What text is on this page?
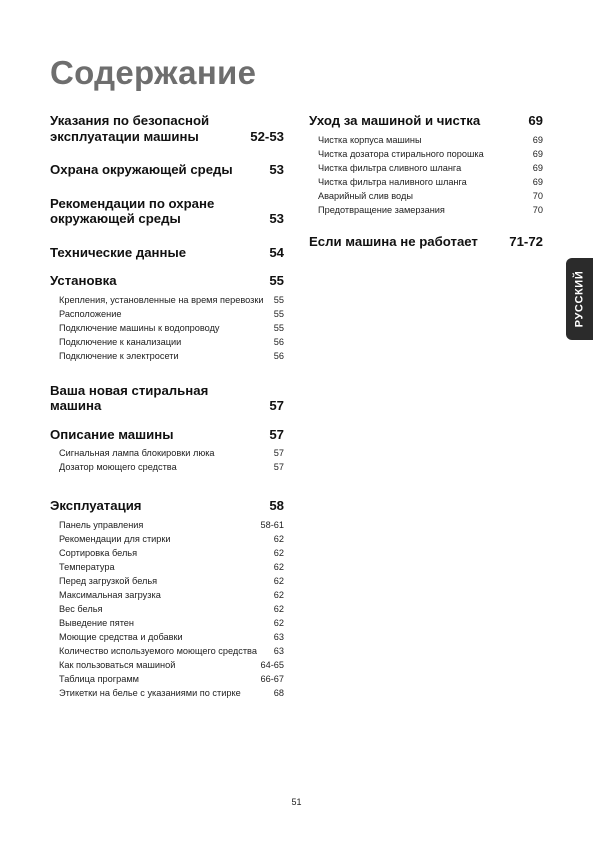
Содержание
Указания по безопасной эксплуатации машины	52-53
Охрана окружающей среды	53
Рекомендации по охране окружающей среды	53
Технические данные	54
Установка	55
Крепления, установленные на время перевозки	55
Расположение	55
Подключение машины к водопроводу	55
Подключение к канализации	56
Подключение к электросети	56
Ваша новая стиральная машина	57
Описание машины	57
Сигнальная лампа блокировки люка	57
Дозатор моющего средства	57
Эксплуатация	58
Панель управления	58-61
Рекомендации для стирки	62
Сортировка белья	62
Температура	62
Перед загрузкой белья	62
Максимальная загрузка	62
Вес белья	62
Выведение пятен	62
Моющие средства и добавки	63
Количество используемого моющего средства	63
Как пользоваться машиной	64-65
Таблица программ	66-67
Этикетки на белье с указаниями по стирке	68
Уход за машиной и чистка	69
Чистка корпуса машины	69
Чистка дозатора стирального порошка	69
Чистка фильтра сливного шланга	69
Чистка фильтра наливного шланга	69
Аварийный слив воды	70
Предотвращение замерзания	70
Если машина не работает	71-72
РУССКИЙ
51
